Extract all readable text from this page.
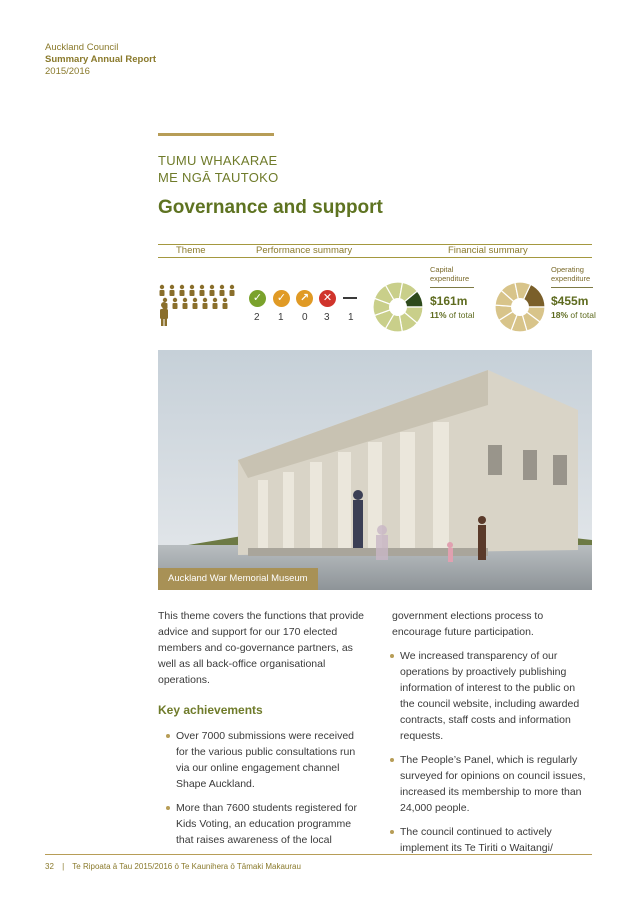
Auckland Council
Summary Annual Report
2015/2016
TUMU WHAKARAE
ME NGĀ TAUTOKO
Governance and support
Theme	Performance summary	Financial summary
✓	✓	↗	✕
2 1 0 3 1
Capital
expenditure
$161m
11% of total
Operating
expenditure
$455m
18% of total
Auckland War Memorial Museum

This theme covers the functions that provide advice and support for our 170 elected members and co-governance partners, as well as all back-office organisational operations.

Key achievements
Over 7000 submissions were received for the various public consultations run via our online engagement channel Shape Auckland.
More than 7600 students registered for Kids Voting, an education programme that raises awareness of the local

government elections process to encourage future participation.

We increased transparency of our operations by proactively publishing information of interest to the public on the council website, including awarded contracts, staff costs and information requests.
The People’s Panel, which is regularly surveyed for opinions on council issues, increased its membership to more than 24,000 people.
The council continued to actively implement its Te Tiriti o Waitangi/
32 | Te Ripoata ā Tau 2015/2016 ō Te Kaunihera ō Tāmaki Makaurau
